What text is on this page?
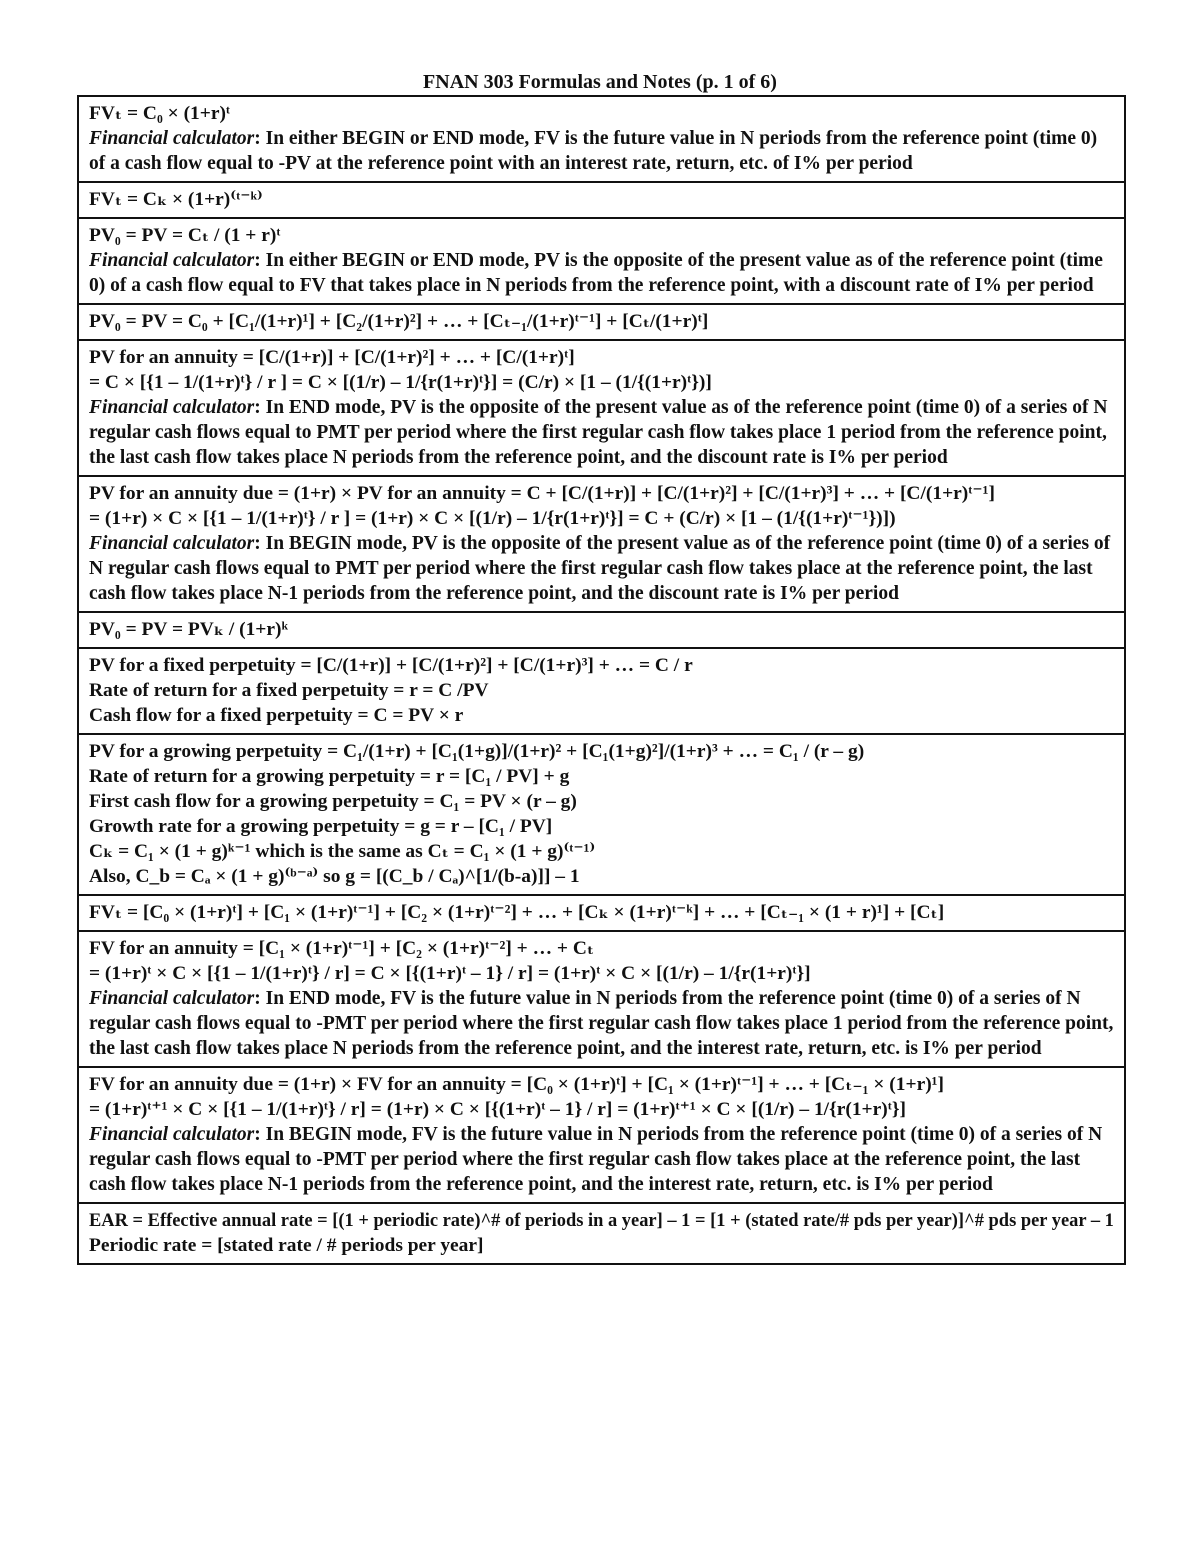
FNAN 303 Formulas and Notes (p. 1 of 6)
FVₜ = C₀ × (1+r)ᵗ
Financial calculator: In either BEGIN or END mode, FV is the future value in N periods from the reference point (time 0) of a cash flow equal to -PV at the reference point with an interest rate, return, etc. of I% per period
FVₜ = Cₖ × (1+r)⁽ᵗ⁻ᵏ⁾
PV₀ = PV = Cₜ / (1 + r)ᵗ
Financial calculator: In either BEGIN or END mode, PV is the opposite of the present value as of the reference point (time 0) of a cash flow equal to FV that takes place in N periods from the reference point, with a discount rate of I% per period
PV₀ = PV = C₀ + [C₁/(1+r)¹] + [C₂/(1+r)²] + … + [Cₜ₋₁/(1+r)ᵗ⁻¹] + [Cₜ/(1+r)ᵗ]
PV for an annuity = [C/(1+r)] + [C/(1+r)²] + … + [C/(1+r)ᵗ]
= C × [{1 – 1/(1+r)ᵗ} / r ] = C × [(1/r) – 1/{r(1+r)ᵗ}] = (C/r) × [1 – (1/{(1+r)ᵗ})]
Financial calculator: In END mode, PV is the opposite of the present value as of the reference point (time 0) of a series of N regular cash flows equal to PMT per period where the first regular cash flow takes place 1 period from the reference point, the last cash flow takes place N periods from the reference point, and the discount rate is I% per period
PV for an annuity due = (1+r) × PV for an annuity = C + [C/(1+r)] + [C/(1+r)²] + [C/(1+r)³] + … + [C/(1+r)ᵗ⁻¹]
= (1+r) × C × [{1 – 1/(1+r)ᵗ} / r ] = (1+r) × C × [(1/r) – 1/{r(1+r)ᵗ}] = C + (C/r) × [1 – (1/{(1+r)ᵗ⁻¹})])
Financial calculator: In BEGIN mode, PV is the opposite of the present value as of the reference point (time 0) of a series of N regular cash flows equal to PMT per period where the first regular cash flow takes place at the reference point, the last cash flow takes place N-1 periods from the reference point, and the discount rate is I% per period
PV₀ = PV = PVₖ / (1+r)ᵏ
PV for a fixed perpetuity = [C/(1+r)] + [C/(1+r)²] + [C/(1+r)³] + … = C / r
Rate of return for a fixed perpetuity = r = C /PV
Cash flow for a fixed perpetuity = C = PV × r
PV for a growing perpetuity = C₁/(1+r) + [C₁(1+g)]/(1+r)² + [C₁(1+g)²]/(1+r)³ + … = C₁ / (r – g)
Rate of return for a growing perpetuity = r = [C₁ / PV] + g
First cash flow for a growing perpetuity = C₁ = PV × (r – g)
Growth rate for a growing perpetuity = g = r – [C₁ / PV]
Cₖ = C₁ × (1 + g)ᵏ⁻¹ which is the same as Cₜ = C₁ × (1 + g)⁽ᵗ⁻¹⁾
Also, C_b = Cₐ × (1 + g)⁽ᵇ⁻ᵃ⁾ so g = [(C_b / Cₐ)^[1/(b-a)]] – 1
FVₜ = [C₀ × (1+r)ᵗ] + [C₁ × (1+r)ᵗ⁻¹] + [C₂ × (1+r)ᵗ⁻²] + … + [Cₖ × (1+r)ᵗ⁻ᵏ] + … + [Cₜ₋₁ × (1 + r)¹] + [Cₜ]
FV for an annuity = [C₁ × (1+r)ᵗ⁻¹] + [C₂ × (1+r)ᵗ⁻²] + … + Cₜ
= (1+r)ᵗ × C × [{1 – 1/(1+r)ᵗ} / r] = C × [{(1+r)ᵗ – 1} / r] = (1+r)ᵗ × C × [(1/r) – 1/{r(1+r)ᵗ}]
Financial calculator: In END mode, FV is the future value in N periods from the reference point (time 0) of a series of N regular cash flows equal to -PMT per period where the first regular cash flow takes place 1 period from the reference point, the last cash flow takes place N periods from the reference point, and the interest rate, return, etc. is I% per period
FV for an annuity due = (1+r) × FV for an annuity = [C₀ × (1+r)ᵗ] + [C₁ × (1+r)ᵗ⁻¹] + … + [Cₜ₋₁ × (1+r)¹]
= (1+r)ᵗ⁺¹ × C × [{1 – 1/(1+r)ᵗ} / r] = (1+r) × C × [{(1+r)ᵗ – 1} / r] = (1+r)ᵗ⁺¹ × C × [(1/r) – 1/{r(1+r)ᵗ}]
Financial calculator: In BEGIN mode, FV is the future value in N periods from the reference point (time 0) of a series of N regular cash flows equal to -PMT per period where the first regular cash flow takes place at the reference point, the last cash flow takes place N-1 periods from the reference point, and the interest rate, return, etc. is I% per period
EAR = Effective annual rate = [(1 + periodic rate)^# of periods in a year] – 1 = [1 + (stated rate/# pds per year)]^# pds per year – 1
Periodic rate = [stated rate / # periods per year]
